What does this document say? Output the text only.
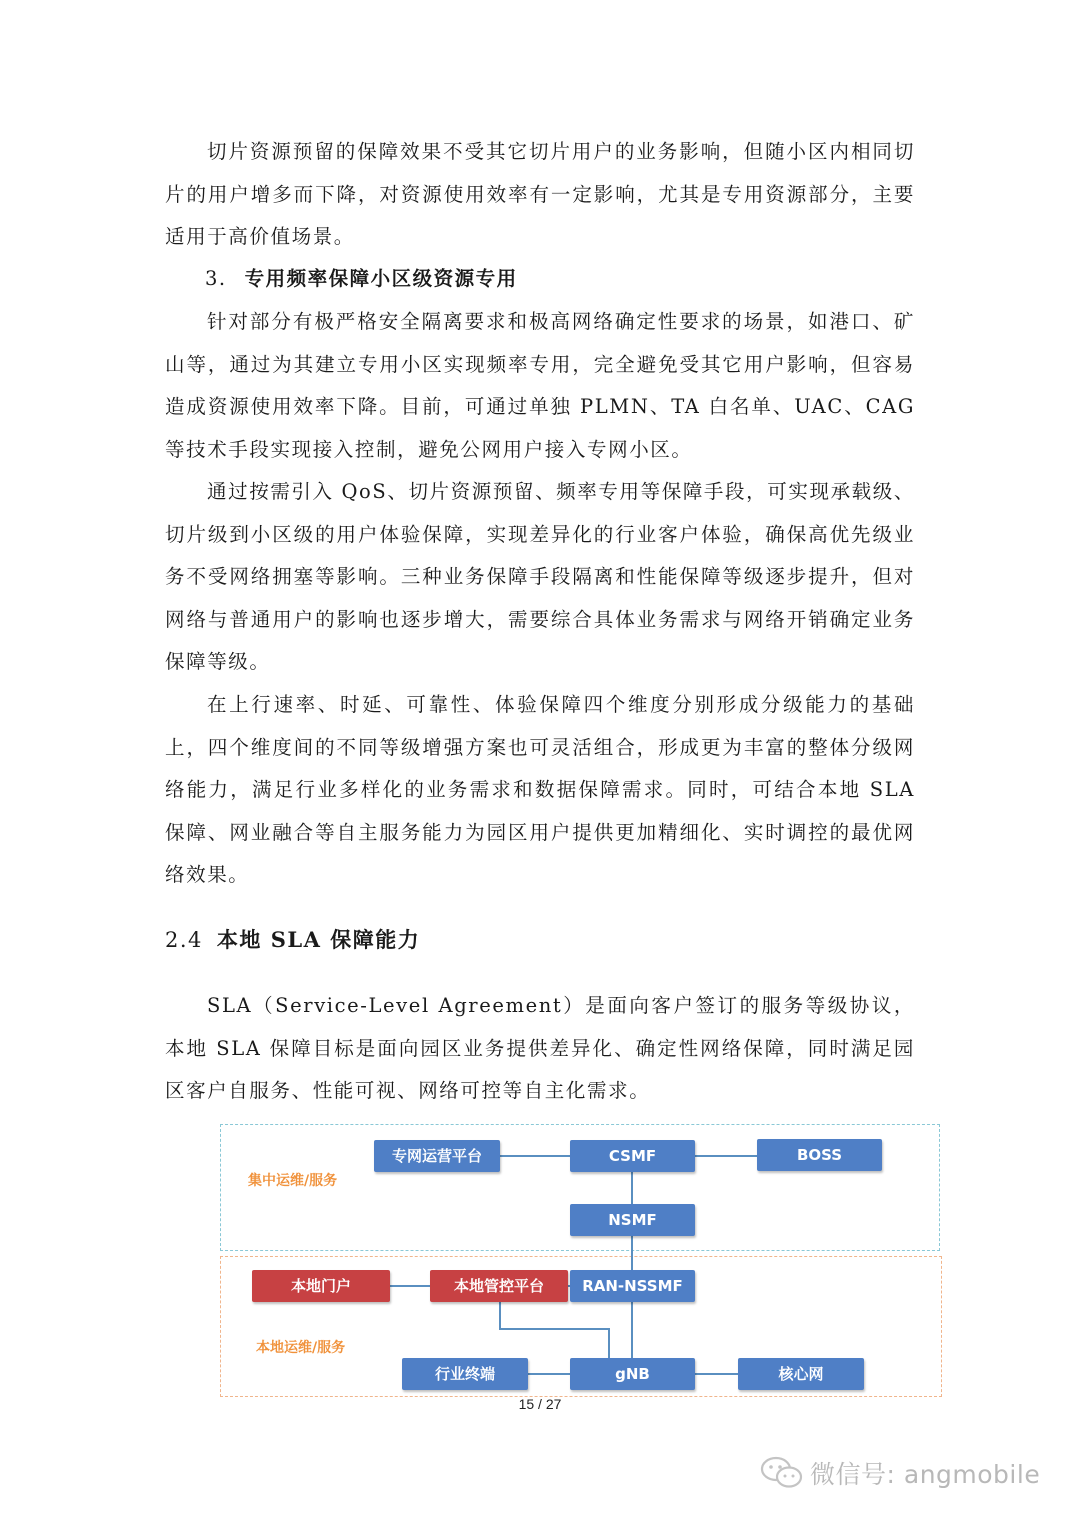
切片资源预留的保障效果不受其它切片用户的业务影响，但随小区内相同切片的用户增多而下降，对资源使用效率有一定影响，尤其是专用资源部分，主要适用于高价值场景。

3. 专用频率保障小区级资源专用

针对部分有极严格安全隔离要求和极高网络确定性要求的场景，如港口、矿山等，通过为其建立专用小区实现频率专用，完全避免受其它用户影响，但容易造成资源使用效率下降。目前，可通过单独 PLMN、TA 白名单、UAC、CAG 等技术手段实现接入控制，避免公网用户接入专网小区。

通过按需引入 QoS、切片资源预留、频率专用等保障手段，可实现承载级、切片级到小区级的用户体验保障，实现差异化的行业客户体验，确保高优先级业务不受网络拥塞等影响。三种业务保障手段隔离和性能保障等级逐步提升，但对网络与普通用户的影响也逐步增大，需要综合具体业务需求与网络开销确定业务保障等级。

在上行速率、时延、可靠性、体验保障四个维度分别形成分级能力的基础上，四个维度间的不同等级增强方案也可灵活组合，形成更为丰富的整体分级网络能力，满足行业多样化的业务需求和数据保障需求。同时，可结合本地 SLA 保障、网业融合等自主服务能力为园区用户提供更加精细化、实时调控的最优网络效果。

2.4 本地 SLA 保障能力

SLA（Service-Level Agreement）是面向客户签订的服务等级协议，本地 SLA 保障目标是面向园区业务提供差异化、确定性网络保障，同时满足园区客户自服务、性能可视、网络可控等自主化需求。

集中运维/服务
本地运维/服务
专网运营平台	CSMF	BOSS
NSMF
本地门户	本地管控平台	RAN-NSSMF
行业终端	gNB	核心网
15 / 27
微信号: angmobile
